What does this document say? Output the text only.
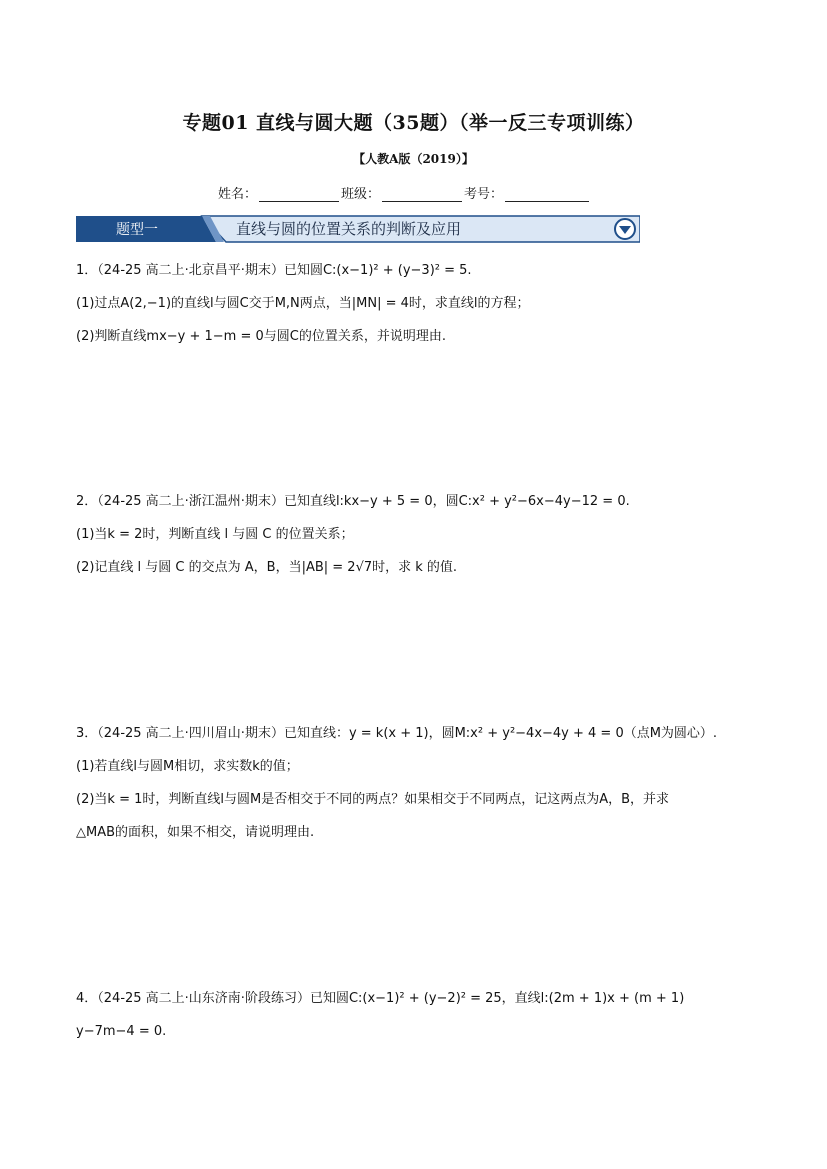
专题01 直线与圆大题（35题）（举一反三专项训练）
【人教A版（2019）】
姓名：	班级：	考号：
题型一	直线与圆的位置关系的判断及应用
1．（24-25 高二上·北京昌平·期末）已知圆C:(x−1)² + (y−3)² = 5.
(1)过点A(2,−1)的直线l与圆C交于M,N两点，当|MN| = 4时，求直线l的方程；
(2)判断直线mx−y + 1−m = 0与圆C的位置关系，并说明理由.
2．（24-25 高二上·浙江温州·期末）已知直线l:kx−y + 5 = 0，圆C:x² + y²−6x−4y−12 = 0.
(1)当k = 2时，判断直线 l 与圆 C 的位置关系；
(2)记直线 l 与圆 C 的交点为 A，B，当|AB| = 2√7时，求 k 的值.
3．（24-25 高二上·四川眉山·期末）已知直线：y = k(x + 1)，圆M:x² + y²−4x−4y + 4 = 0（点M为圆心）.
(1)若直线l与圆M相切，求实数k的值；
(2)当k = 1时，判断直线l与圆M是否相交于不同的两点？如果相交于不同两点，记这两点为A，B，并求
△MAB的面积，如果不相交，请说明理由.
4．（24-25 高二上·山东济南·阶段练习）已知圆C:(x−1)² + (y−2)² = 25，直线l:(2m + 1)x + (m + 1)
y−7m−4 = 0.
